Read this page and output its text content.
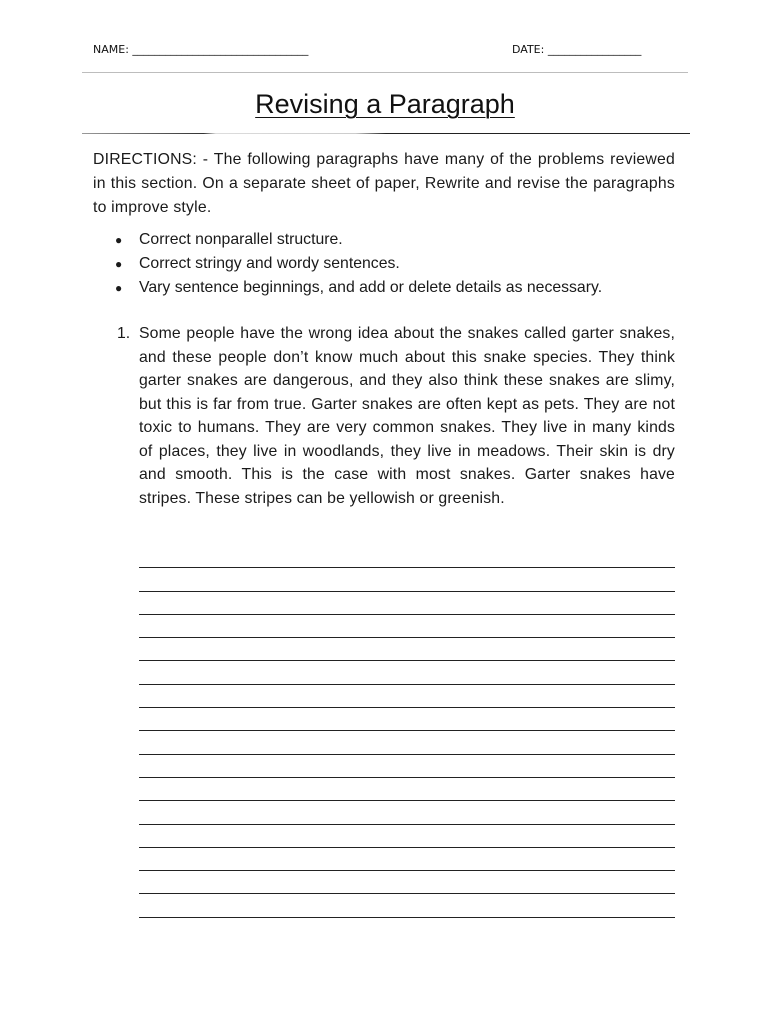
NAME: ________________________________	DATE: _________________
Revising a Paragraph
DIRECTIONS: - The following paragraphs have many of the problems reviewed in this section. On a separate sheet of paper, Rewrite and revise the paragraphs to improve style.
● Correct nonparallel structure.
● Correct stringy and wordy sentences.
● Vary sentence beginnings, and add or delete details as necessary.
1. Some people have the wrong idea about the snakes called garter snakes, and these people don’t know much about this snake species. They think garter snakes are dangerous, and they also think these snakes are slimy, but this is far from true. Garter snakes are often kept as pets. They are not toxic to humans. They are very common snakes. They live in many kinds of places, they live in woodlands, they live in meadows. Their skin is dry and smooth. This is the case with most snakes. Garter snakes have stripes. These stripes can be yellowish or greenish.
